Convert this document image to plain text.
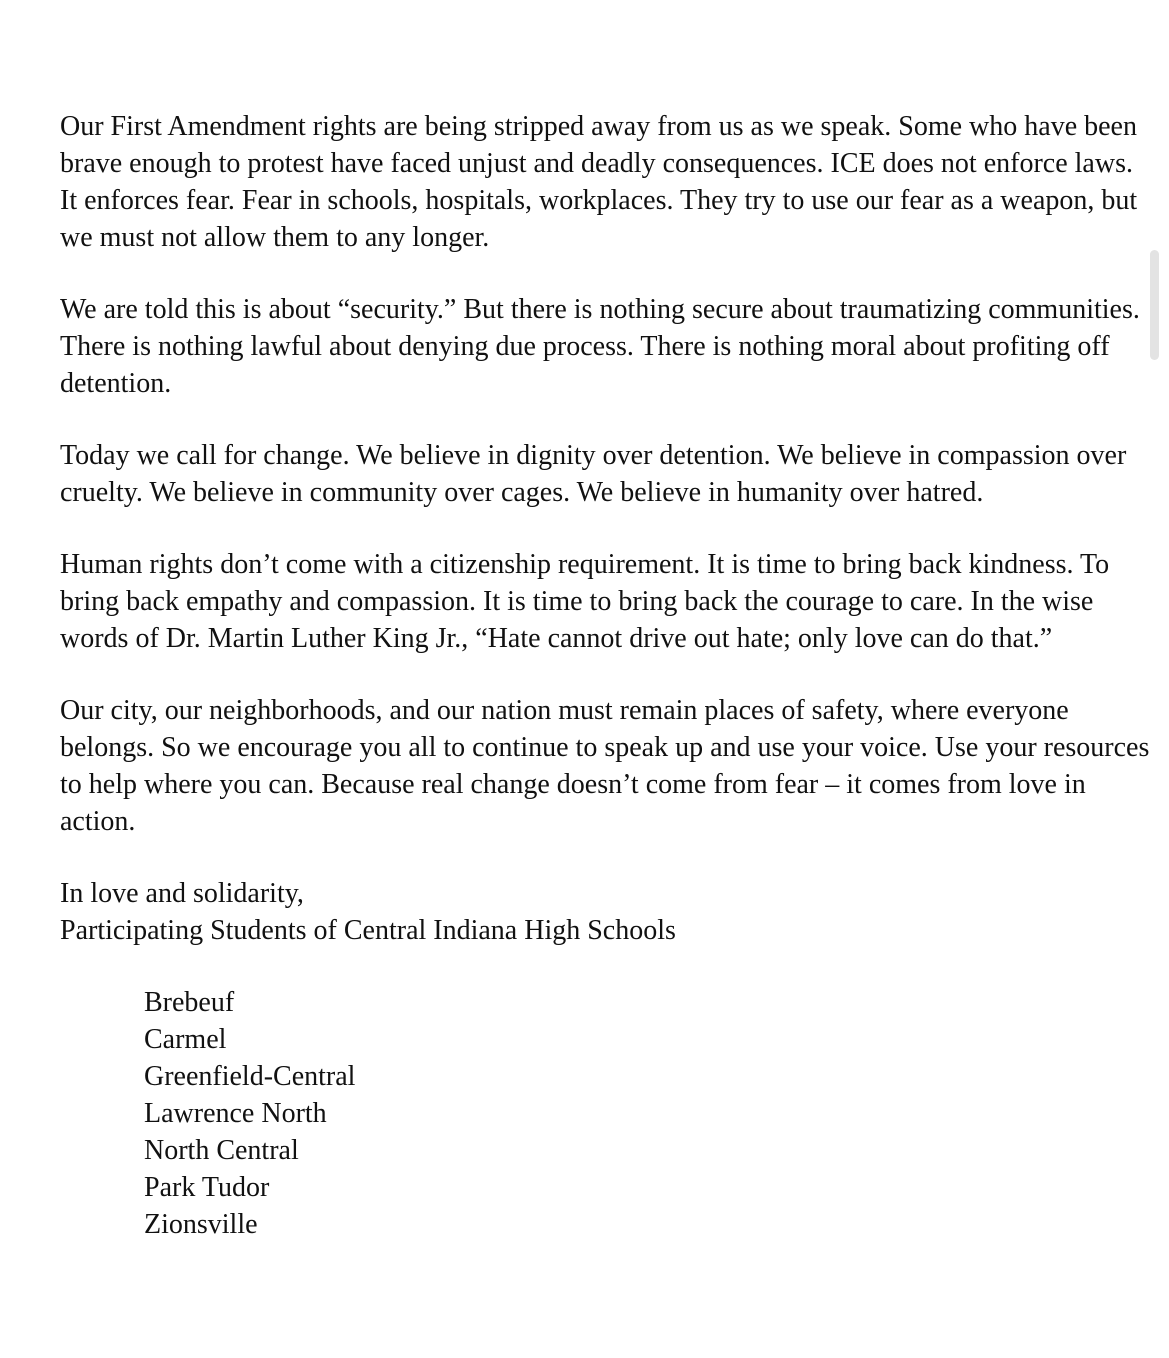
Our First Amendment rights are being stripped away from us as we speak. Some who have been
brave enough to protest have faced unjust and deadly consequences. ICE does not enforce laws.
It enforces fear. Fear in schools, hospitals, workplaces. They try to use our fear as a weapon, but
we must not allow them to any longer.
We are told this is about “security.” But there is nothing secure about traumatizing communities.
There is nothing lawful about denying due process. There is nothing moral about profiting off
detention.
Today we call for change. We believe in dignity over detention. We believe in compassion over
cruelty. We believe in community over cages. We believe in humanity over hatred.
Human rights don’t come with a citizenship requirement. It is time to bring back kindness. To
bring back empathy and compassion. It is time to bring back the courage to care. In the wise
words of Dr. Martin Luther King Jr., “Hate cannot drive out hate; only love can do that.”
Our city, our neighborhoods, and our nation must remain places of safety, where everyone
belongs. So we encourage you all to continue to speak up and use your voice. Use your resources
to help where you can. Because real change doesn’t come from fear – it comes from love in
action.
In love and solidarity,
Participating Students of Central Indiana High Schools
Brebeuf
Carmel
Greenfield-Central
Lawrence North
North Central
Park Tudor
Zionsville
